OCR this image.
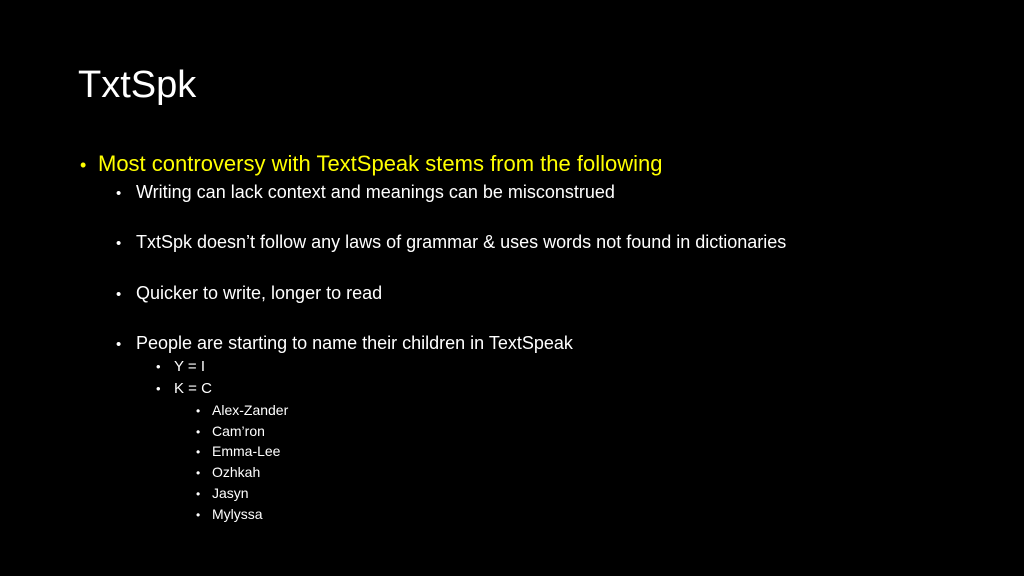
TxtSpk
• Most controversy with TextSpeak stems from the following
• Writing can lack context and meanings can be misconstrued
• TxtSpk doesn’t follow any laws of grammar & uses words not found in dictionaries
• Quicker to write, longer to read
• People are starting to name their children in TextSpeak
• Y = I
• K = C
• Alex-Zander
• Cam’ron
• Emma-Lee
• Ozhkah
• Jasyn
• Mylyssa
